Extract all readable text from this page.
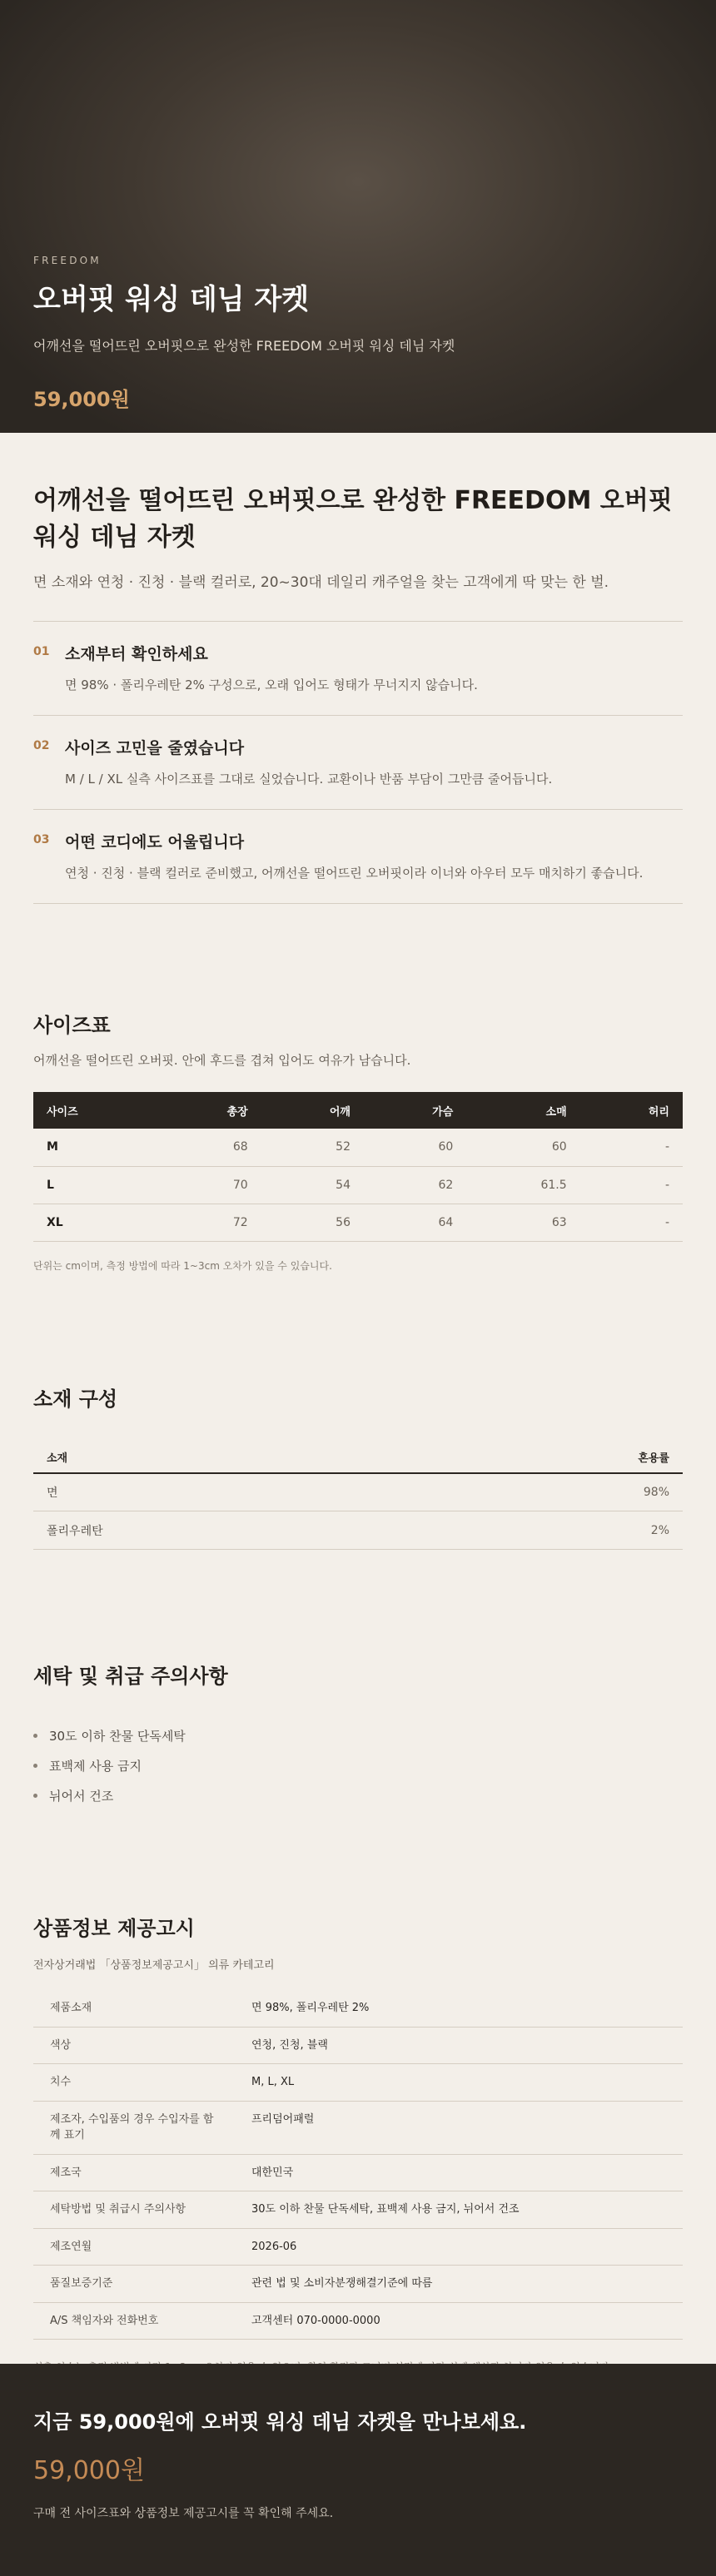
FREEDOM
오버핏 워싱 데님 자켓

어깨선을 떨어뜨린 오버핏으로 완성한 FREEDOM 오버핏 워싱 데님 자켓

59,000원
어깨선을 떨어뜨린 오버핏으로 완성한 FREEDOM 오버핏 워싱 데님 자켓

면 소재와 연청 · 진청 · 블랙 컬러로, 20~30대 데일리 캐주얼을 찾는 고객에게 딱 맞는 한 벌.

01 소재부터 확인하세요
면 98% · 폴리우레탄 2% 구성으로, 오래 입어도 형태가 무너지지 않습니다.
02 사이즈 고민을 줄였습니다
M / L / XL 실측 사이즈표를 그대로 실었습니다. 교환이나 반품 부담이 그만큼 줄어듭니다.
03 어떤 코디에도 어울립니다
연청 · 진청 · 블랙 컬러로 준비했고, 어깨선을 떨어뜨린 오버핏이라 이너와 아우터 모두 매치하기 좋습니다.
사이즈표

어깨선을 떨어뜨린 오버핏. 안에 후드를 겹쳐 입어도 여유가 남습니다.

사이즈	총장	어깨	가슴	소매	허리
M	68	52	60	60	-
L	70	54	62	61.5	-
XL	72	56	64	63	-

단위는 cm이며, 측정 방법에 따라 1~3cm 오차가 있을 수 있습니다.

소재 구성
소재	혼용률
면	98%
폴리우레탄	2%
세탁 및 취급 주의사항
30도 이하 찬물 단독세탁
표백제 사용 금지
뉘어서 건조
상품정보 제공고시

전자상거래법 「상품정보제공고시」 의류 카테고리

제품소재	면 98%, 폴리우레탄 2%
색상	연청, 진청, 블랙
치수	M, L, XL
제조자, 수입품의 경우 수입자를 함께 표기	프리덤어패럴
제조국	대한민국
세탁방법 및 취급시 주의사항	30도 이하 찬물 단독세탁, 표백제 사용 금지, 뉘어서 건조
제조연월	2026-06
품질보증기준	관련 법 및 소비자분쟁해결기준에 따름
A/S 책임자와 전화번호	고객센터 070-0000-0000

지금 59,000원에 오버핏 워싱 데님 자켓을 만나보세요.
59,000원

구매 전 사이즈표와 상품정보 제공고시를 꼭 확인해 주세요.
